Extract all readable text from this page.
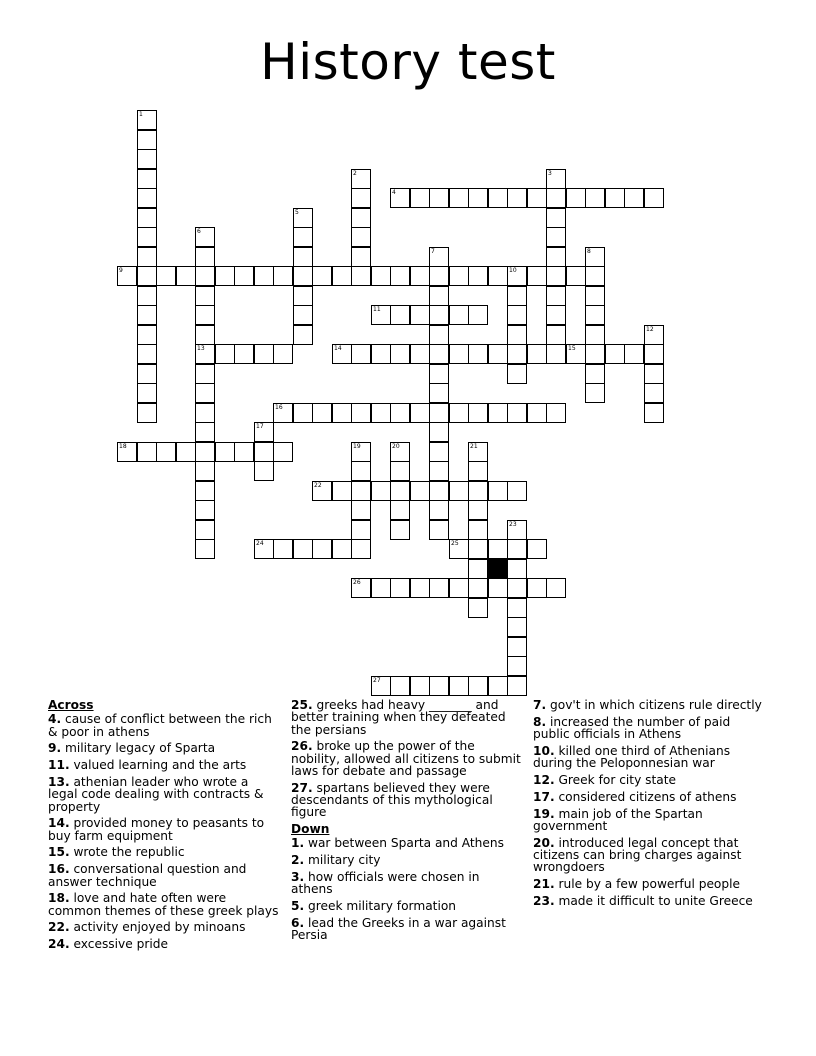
History test
1
2	3
4
5
6
13
7	8
9	10
11
12
14	15
16
17
18	19	20	21
22
23
24	25
26
27
Across
4. cause of conflict between the rich & poor in athens
9. military legacy of Sparta
11. valued learning and the arts
13. athenian leader who wrote a legal code dealing with contracts & property
14. provided money to peasants to buy farm equipment
15. wrote the republic
16. conversational question and answer technique
18. love and hate often were common themes of these greek plays
22. activity enjoyed by minoans
24. excessive pride
25. greeks had heavy _______ and better training when they defeated the persians
26. broke up the power of the nobility, allowed all citizens to submit laws for debate and passage
27. spartans believed they were descendants of this mythological figure
Down
1. war between Sparta and Athens
2. military city
3. how officials were chosen in athens
5. greek military formation
6. lead the Greeks in a war against Persia
7. gov't in which citizens rule directly
8. increased the number of paid public officials in Athens
10. killed one third of Athenians during the Peloponnesian war
12. Greek for city state
17. considered citizens of athens
19. main job of the Spartan government
20. introduced legal concept that citizens can bring charges against wrongdoers
21. rule by a few powerful people
23. made it difficult to unite Greece
